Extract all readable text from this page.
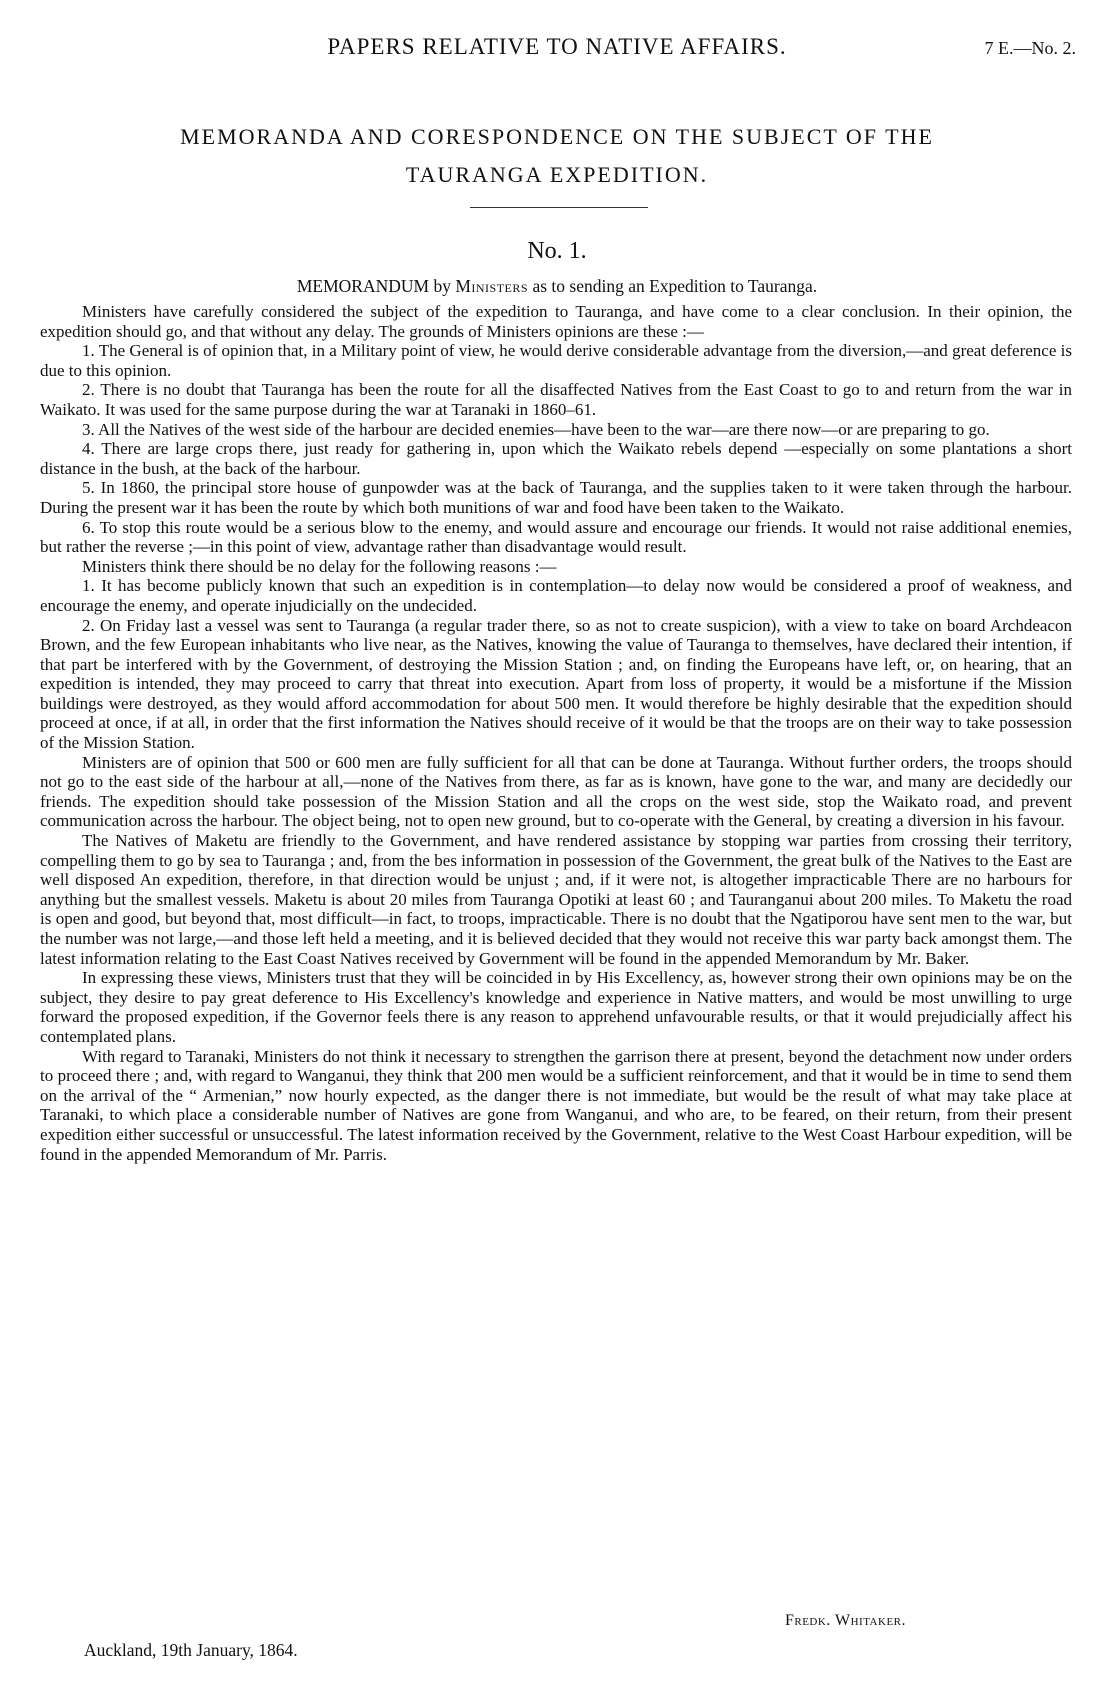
PAPERS RELATIVE TO NATIVE AFFAIRS.	7 E.—No. 2.
MEMORANDA AND CORESPONDENCE ON THE SUBJECT OF THE
TAURANGA EXPEDITION.
No. 1.
MEMORANDUM by Ministers as to sending an Expedition to Tauranga.

Ministers have carefully considered the subject of the expedition to Tauranga, and have come to a clear conclusion. In their opinion, the expedition should go, and that without any delay. The grounds of Ministers opinions are these :—

1. The General is of opinion that, in a Military point of view, he would derive considerable advantage from the diversion,—and great deference is due to this opinion.

2. There is no doubt that Tauranga has been the route for all the disaffected Natives from the East Coast to go to and return from the war in Waikato. It was used for the same purpose during the war at Taranaki in 1860–61.

3. All the Natives of the west side of the harbour are decided enemies—have been to the war—are there now—or are preparing to go.

4. There are large crops there, just ready for gathering in, upon which the Waikato rebels depend —especially on some plantations a short distance in the bush, at the back of the harbour.

5. In 1860, the principal store house of gunpowder was at the back of Tauranga, and the supplies taken to it were taken through the harbour. During the present war it has been the route by which both munitions of war and food have been taken to the Waikato.

6. To stop this route would be a serious blow to the enemy, and would assure and encourage our friends. It would not raise additional enemies, but rather the reverse ;—in this point of view, advantage rather than disadvantage would result.

Ministers think there should be no delay for the following reasons :—

1. It has become publicly known that such an expedition is in contemplation—to delay now would be considered a proof of weakness, and encourage the enemy, and operate injudicially on the undecided.

2. On Friday last a vessel was sent to Tauranga (a regular trader there, so as not to create suspicion), with a view to take on board Archdeacon Brown, and the few European inhabitants who live near, as the Natives, knowing the value of Tauranga to themselves, have declared their intention, if that part be interfered with by the Government, of destroying the Mission Station ; and, on finding the Europeans have left, or, on hearing, that an expedition is intended, they may proceed to carry that threat into execution. Apart from loss of property, it would be a misfortune if the Mission buildings were destroyed, as they would afford accommodation for about 500 men. It would therefore be highly desirable that the expedition should proceed at once, if at all, in order that the first information the Natives should receive of it would be that the troops are on their way to take possession of the Mission Station.

Ministers are of opinion that 500 or 600 men are fully sufficient for all that can be done at Tauranga. Without further orders, the troops should not go to the east side of the harbour at all,—none of the Natives from there, as far as is known, have gone to the war, and many are decidedly our friends. The expedition should take possession of the Mission Station and all the crops on the west side, stop the Waikato road, and prevent communication across the harbour. The object being, not to open new ground, but to co-operate with the General, by creating a diversion in his favour.

The Natives of Maketu are friendly to the Government, and have rendered assistance by stopping war parties from crossing their territory, compelling them to go by sea to Tauranga ; and, from the bes information in possession of the Government, the great bulk of the Natives to the East are well disposed An expedition, therefore, in that direction would be unjust ; and, if it were not, is altogether impracticable There are no harbours for anything but the smallest vessels. Maketu is about 20 miles from Tauranga Opotiki at least 60 ; and Tauranganui about 200 miles. To Maketu the road is open and good, but beyond that, most difficult—in fact, to troops, impracticable. There is no doubt that the Ngatiporou have sent men to the war, but the number was not large,—and those left held a meeting, and it is believed decided that they would not receive this war party back amongst them. The latest information relating to the East Coast Natives received by Government will be found in the appended Memorandum by Mr. Baker.

In expressing these views, Ministers trust that they will be coincided in by His Excellency, as, however strong their own opinions may be on the subject, they desire to pay great deference to His Excellency's knowledge and experience in Native matters, and would be most unwilling to urge forward the proposed expedition, if the Governor feels there is any reason to apprehend unfavourable results, or that it would prejudicially affect his contemplated plans.

With regard to Taranaki, Ministers do not think it necessary to strengthen the garrison there at present, beyond the detachment now under orders to proceed there ; and, with regard to Wanganui, they think that 200 men would be a sufficient reinforcement, and that it would be in time to send them on the arrival of the “ Armenian,” now hourly expected, as the danger there is not immediate, but would be the result of what may take place at Taranaki, to which place a considerable number of Natives are gone from Wanganui, and who are, to be feared, on their return, from their present expedition either successful or unsuccessful. The latest information received by the Government, relative to the West Coast Harbour expedition, will be found in the appended Memorandum of Mr. Parris.

Fredk. Whitaker.
Auckland, 19th January, 1864.
